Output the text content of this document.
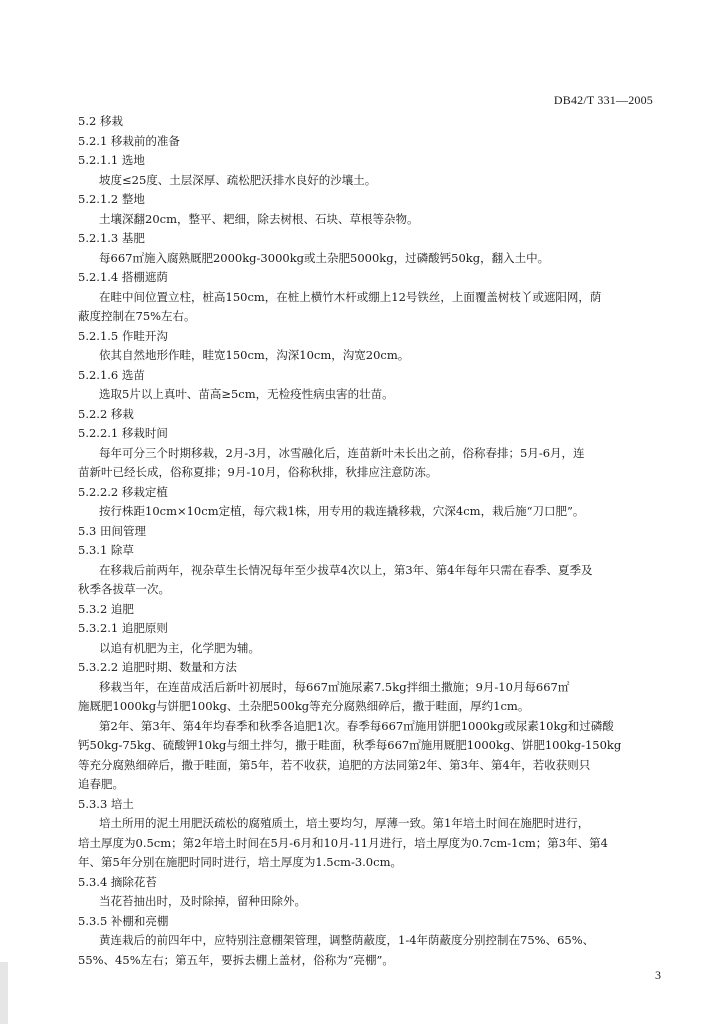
DB42/T 331—2005
5.2 移栽
5.2.1 移栽前的准备
5.2.1.1 选地
坡度≤25度、土层深厚、疏松肥沃排水良好的沙壤土。
5.2.1.2 整地
土壤深翻20cm，整平、耙细，除去树根、石块、草根等杂物。
5.2.1.3 基肥
每667㎡施入腐熟厩肥2000kg-3000kg或土杂肥5000kg，过磷酸钙50kg，翻入土中。
5.2.1.4 搭棚遮荫
在畦中间位置立柱，桩高150cm，在桩上横竹木杆或绷上12号铁丝，上面覆盖树枝丫或遮阳网，荫
蔽度控制在75%左右。
5.2.1.5 作畦开沟
依其自然地形作畦，畦宽150cm，沟深10cm，沟宽20cm。
5.2.1.6 选苗
选取5片以上真叶、苗高≥5cm，无检疫性病虫害的壮苗。
5.2.2 移栽
5.2.2.1 移栽时间
每年可分三个时期移栽，2月-3月，冰雪融化后，连苗新叶未长出之前，俗称春排；5月-6月，连
苗新叶已经长成，俗称夏排；9月-10月，俗称秋排，秋排应注意防冻。
5.2.2.2 移栽定植
按行株距10cm×10cm定植，每穴栽1株，用专用的栽连撬移栽，穴深4cm，栽后施“刀口肥”。
5.3 田间管理
5.3.1 除草
在移栽后前两年，视杂草生长情况每年至少拔草4次以上，第3年、第4年每年只需在春季、夏季及
秋季各拔草一次。
5.3.2 追肥
5.3.2.1 追肥原则
以追有机肥为主，化学肥为辅。
5.3.2.2 追肥时期、数量和方法
移栽当年，在连苗成活后新叶初展时，每667㎡施尿素7.5kg拌细土撒施；9月-10月每667㎡
施厩肥1000kg与饼肥100kg、土杂肥500kg等充分腐熟细碎后，撒于畦面，厚约1cm。
第2年、第3年、第4年均春季和秋季各追肥1次。春季每667㎡施用饼肥1000kg或尿素10kg和过磷酸
钙50kg-75kg、硫酸钾10kg与细土拌匀，撒于畦面，秋季每667㎡施用厩肥1000kg、饼肥100kg-150kg
等充分腐熟细碎后，撒于畦面，第5年，若不收获，追肥的方法同第2年、第3年、第4年，若收获则只
追春肥。
5.3.3 培土
培土所用的泥土用肥沃疏松的腐殖质土，培土要均匀，厚薄一致。第1年培土时间在施肥时进行，
培土厚度为0.5cm；第2年培土时间在5月-6月和10月-11月进行，培土厚度为0.7cm-1cm；第3年、第4
年、第5年分别在施肥时同时进行，培土厚度为1.5cm-3.0cm。
5.3.4 摘除花苔
当花苔抽出时，及时除掉，留种田除外。
5.3.5 补棚和亮棚
黄连栽后的前四年中，应特别注意棚架管理，调整荫蔽度，1-4年荫蔽度分别控制在75%、65%、
55%、45%左右；第五年，要拆去棚上盖材，俗称为“亮棚”。
3
